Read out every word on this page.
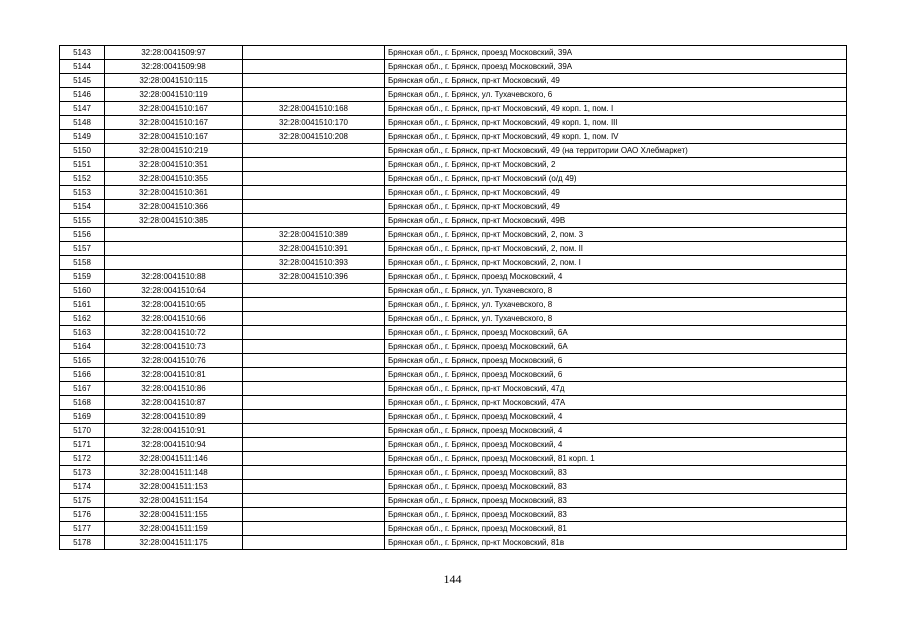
5143	32:28:0041509:97		Брянская обл., г. Брянск, проезд Московский, 39А
5144	32:28:0041509:98		Брянская обл., г. Брянск, проезд Московский, 39А
5145	32:28:0041510:115		Брянская обл., г. Брянск, пр-кт Московский, 49
5146	32:28:0041510:119		Брянская обл., г. Брянск, ул. Тухачевского, 6
5147	32:28:0041510:167	32:28:0041510:168	Брянская обл., г. Брянск, пр-кт Московский, 49 корп. 1, пом. I
5148	32:28:0041510:167	32:28:0041510:170	Брянская обл., г. Брянск, пр-кт Московский, 49 корп. 1, пом. III
5149	32:28:0041510:167	32:28:0041510:208	Брянская обл., г. Брянск, пр-кт Московский, 49 корп. 1, пом. IV
5150	32:28:0041510:219		Брянская обл., г. Брянск, пр-кт Московский, 49 (на территории ОАО Хлебмаркет)
5151	32:28:0041510:351		Брянская обл., г. Брянск, пр-кт Московский, 2
5152	32:28:0041510:355		Брянская обл., г. Брянск, пр-кт Московский (о/д 49)
5153	32:28:0041510:361		Брянская обл., г. Брянск, пр-кт Московский, 49
5154	32:28:0041510:366		Брянская обл., г. Брянск, пр-кт Московский, 49
5155	32:28:0041510:385		Брянская обл., г. Брянск, пр-кт Московский, 49В
5156		32:28:0041510:389	Брянская обл., г. Брянск, пр-кт Московский, 2, пом. 3
5157		32:28:0041510:391	Брянская обл., г. Брянск, пр-кт Московский, 2, пом. II
5158		32:28:0041510:393	Брянская обл., г. Брянск, пр-кт Московский, 2, пом. I
5159	32:28:0041510:88	32:28:0041510:396	Брянская обл., г. Брянск, проезд Московский, 4
5160	32:28:0041510:64		Брянская обл., г. Брянск, ул. Тухачевского, 8
5161	32:28:0041510:65		Брянская обл., г. Брянск, ул. Тухачевского, 8
5162	32:28:0041510:66		Брянская обл., г. Брянск, ул. Тухачевского, 8
5163	32:28:0041510:72		Брянская обл., г. Брянск, проезд Московский, 6А
5164	32:28:0041510:73		Брянская обл., г. Брянск, проезд Московский, 6А
5165	32:28:0041510:76		Брянская обл., г. Брянск, проезд Московский, 6
5166	32:28:0041510:81		Брянская обл., г. Брянск, проезд Московский, 6
5167	32:28:0041510:86		Брянская обл., г. Брянск, пр-кт Московский, 47д
5168	32:28:0041510:87		Брянская обл., г. Брянск, пр-кт Московский, 47А
5169	32:28:0041510:89		Брянская обл., г. Брянск, проезд Московский, 4
5170	32:28:0041510:91		Брянская обл., г. Брянск, проезд Московский, 4
5171	32:28:0041510:94		Брянская обл., г. Брянск, проезд Московский, 4
5172	32:28:0041511:146		Брянская обл., г. Брянск, проезд Московский, 81 корп. 1
5173	32:28:0041511:148		Брянская обл., г. Брянск, проезд Московский, 83
5174	32:28:0041511:153		Брянская обл., г. Брянск, проезд Московский, 83
5175	32:28:0041511:154		Брянская обл., г. Брянск, проезд Московский, 83
5176	32:28:0041511:155		Брянская обл., г. Брянск, проезд Московский, 83
5177	32:28:0041511:159		Брянская обл., г. Брянск, проезд Московский, 81
5178	32:28:0041511:175		Брянская обл., г. Брянск, пр-кт Московский, 81в
144
